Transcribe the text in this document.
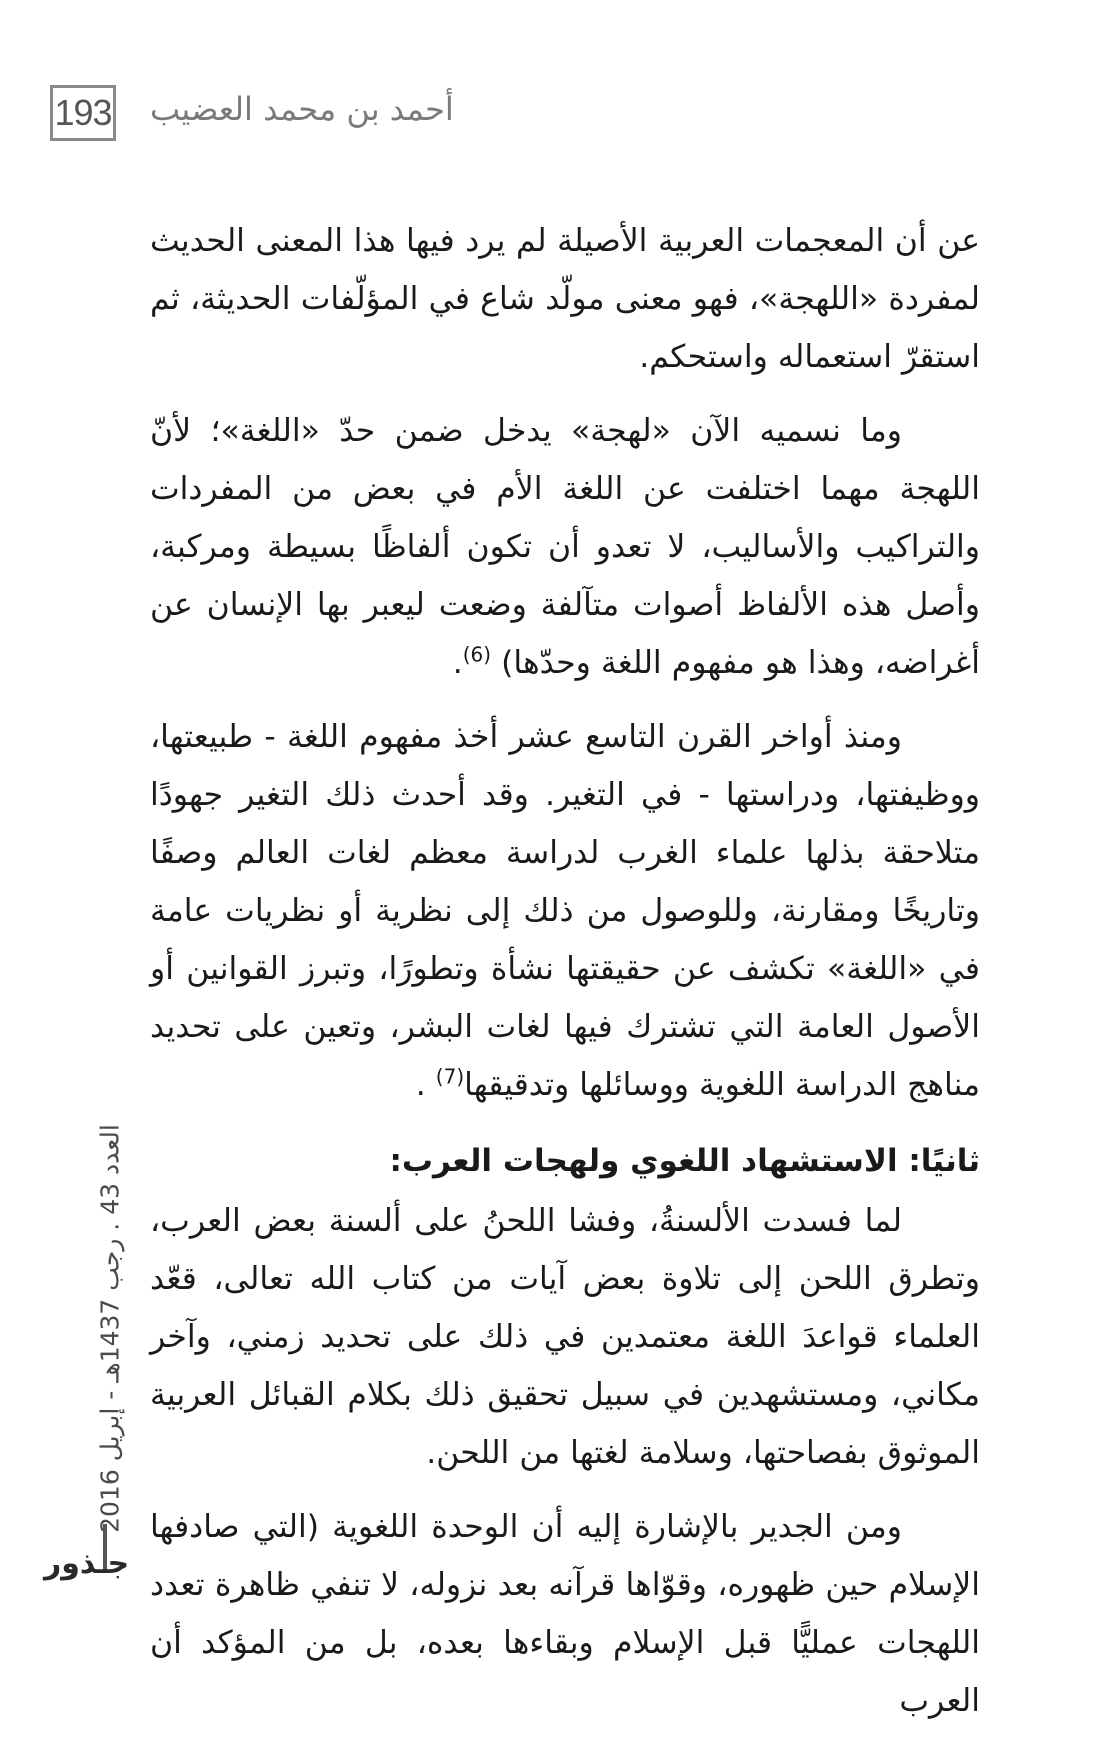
193 أحمد بن محمد العضيب

عن أن المعجمات العربية الأصيلة لم يرد فيها هذا المعنى الحديث لمفردة «اللهجة»، فهو معنى مولّد شاع في المؤلّفات الحديثة، ثم استقرّ استعماله واستحكم.

وما نسميه الآن «لهجة» يدخل ضمن حدّ «اللغة»؛ لأنّ اللهجة مهما اختلفت عن اللغة الأم في بعض من المفردات والتراكيب والأساليب، لا تعدو أن تكون ألفاظًا بسيطة ومركبة، وأصل هذه الألفاظ أصوات متآلفة وضعت ليعبر بها الإنسان عن أغراضه، وهذا هو مفهوم اللغة وحدّها) $^{(6)}$.

ومنذ أواخر القرن التاسع عشر أخذ مفهوم اللغة - طبيعتها، ووظيفتها، ودراستها - في التغير. وقد أحدث ذلك التغير جهودًا متلاحقة بذلها علماء الغرب لدراسة معظم لغات العالم وصفًا وتاريخًا ومقارنة، وللوصول من ذلك إلى نظرية أو نظريات عامة في «اللغة» تكشف عن حقيقتها نشأة وتطورًا، وتبرز القوانين أو الأصول العامة التي تشترك فيها لغات البشر، وتعين على تحديد مناهج الدراسة اللغوية ووسائلها وتدقيقها$^{(7)}$ .

ثانيًا: الاستشهاد اللغوي ولهجات العرب:

لما فسدت الألسنةُ، وفشا اللحنُ على ألسنة بعض العرب، وتطرق اللحن إلى تلاوة بعض آيات من كتاب الله تعالى، قعّد العلماء قواعدَ اللغة معتمدين في ذلك على تحديد زمني، وآخر مكاني، ومستشهدين في سبيل تحقيق ذلك بكلام القبائل العربية الموثوق بفصاحتها، وسلامة لغتها من اللحن.

ومن الجدير بالإشارة إليه أن الوحدة اللغوية (التي صادفها الإسلام حين ظهوره، وقوّاها قرآنه بعد نزوله، لا تنفي ظاهرة تعدد اللهجات عمليًّا قبل الإسلام وبقاءها بعده، بل من المؤكد أن العرب

العدد 43 . رجب 1437هـ - إبريل 2016
جـذور
